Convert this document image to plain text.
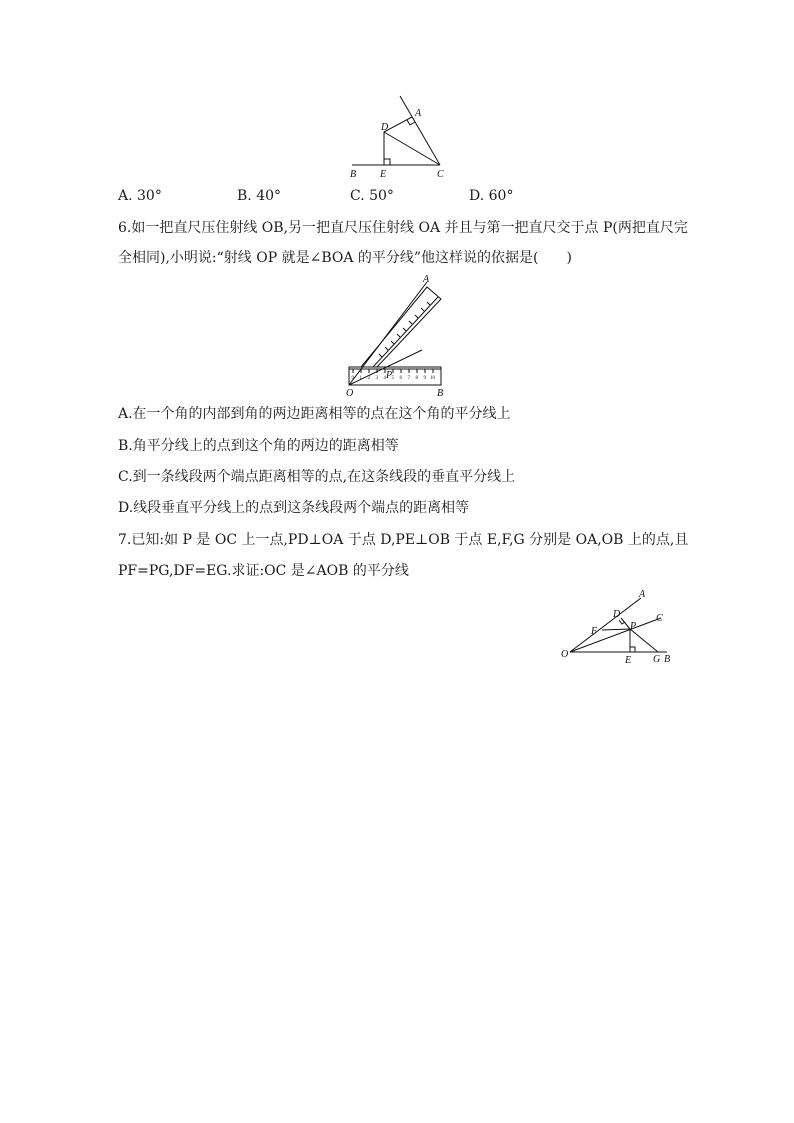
A
D
B E	C
A. 30°	B. 40°	C. 50°	D. 60°
6.如一把直尺压住射线 OB,另一把直尺压住射线 OA 并且与第一把直尺交于点 P(两把直尺完
全相同),小明说:“射线 OP 就是∠BOA 的平分线”他这样说的依据是(　　)
0 1 2 3 4 5 6 7 8 9 10
A
P
O	B
A.在一个角的内部到角的两边距离相等的点在这个角的平分线上
B.角平分线上的点到这个角的两边的距离相等
C.到一条线段两个端点距离相等的点,在这条线段的垂直平分线上
D.线段垂直平分线上的点到这条线段两个端点的距离相等
7.已知:如 P 是 OC 上一点,PD⊥OA 于点 D,PE⊥OB 于点 E,F,G 分别是 OA,OB 上的点,且
PF=PG,DF=EG.求证:OC 是∠AOB 的平分线
A
C
D
P
F
O
E G B
